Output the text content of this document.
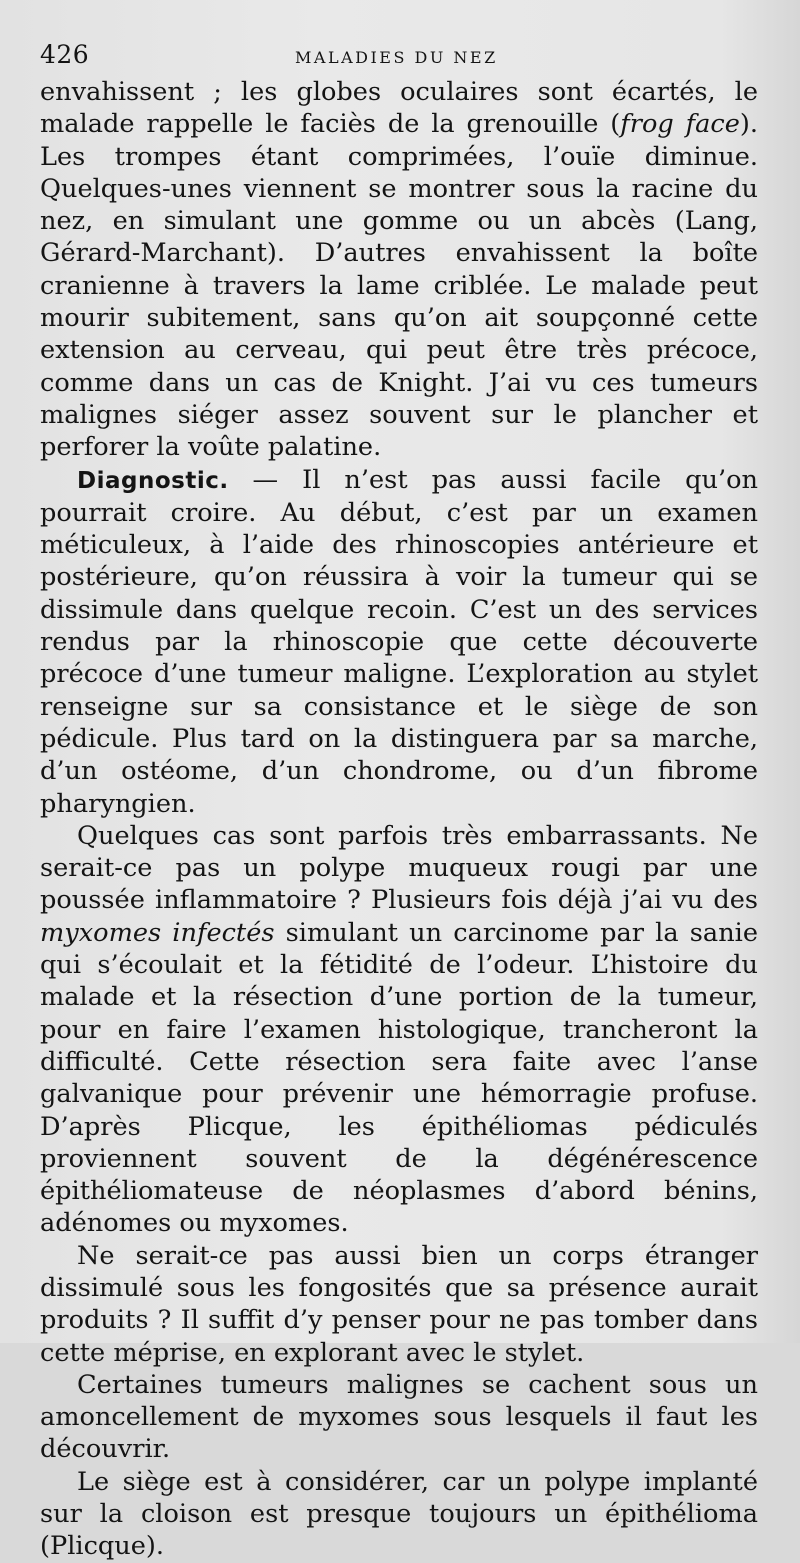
426	MALADIES DU NEZ

envahissent ; les globes oculaires sont écartés, le malade rappelle le faciès de la grenouille (frog face). Les trompes étant comprimées, l’ouïe diminue. Quelques-unes viennent se montrer sous la racine du nez, en simulant une gomme ou un abcès (Lang, Gérard-Marchant). D’autres envahissent la boîte cranienne à travers la lame criblée. Le malade peut mourir subitement, sans qu’on ait soupçonné cette extension au cerveau, qui peut être très précoce, comme dans un cas de Knight. J’ai vu ces tumeurs malignes siéger assez souvent sur le plancher et perforer la voûte palatine.

Diagnostic. — Il n’est pas aussi facile qu’on pourrait croire. Au début, c’est par un examen méticuleux, à l’aide des rhinoscopies antérieure et postérieure, qu’on réussira à voir la tumeur qui se dissimule dans quelque recoin. C’est un des services rendus par la rhinoscopie que cette découverte précoce d’une tumeur maligne. L’exploration au stylet renseigne sur sa consistance et le siège de son pédicule. Plus tard on la distinguera par sa marche, d’un ostéome, d’un chondrome, ou d’un fibrome pharyngien.

Quelques cas sont parfois très embarrassants. Ne serait-ce pas un polype muqueux rougi par une poussée inflammatoire ? Plusieurs fois déjà j’ai vu des myxomes infectés simulant un carcinome par la sanie qui s’écoulait et la fétidité de l’odeur. L’histoire du malade et la résection d’une portion de la tumeur, pour en faire l’examen histologique, trancheront la difficulté. Cette résection sera faite avec l’anse galvanique pour prévenir une hémorragie profuse. D’après Plicque, les épithéliomas pédiculés proviennent souvent de la dégénérescence épithéliomateuse de néoplasmes d’abord bénins, adénomes ou myxomes.

Ne serait-ce pas aussi bien un corps étranger dissimulé sous les fongosités que sa présence aurait produits ? Il suffit d’y penser pour ne pas tomber dans cette méprise, en explorant avec le stylet.

Certaines tumeurs malignes se cachent sous un amoncellement de myxomes sous lesquels il faut les découvrir.

Le siège est à considérer, car un polype implanté sur la cloison est presque toujours un épithélioma (Plicque).
